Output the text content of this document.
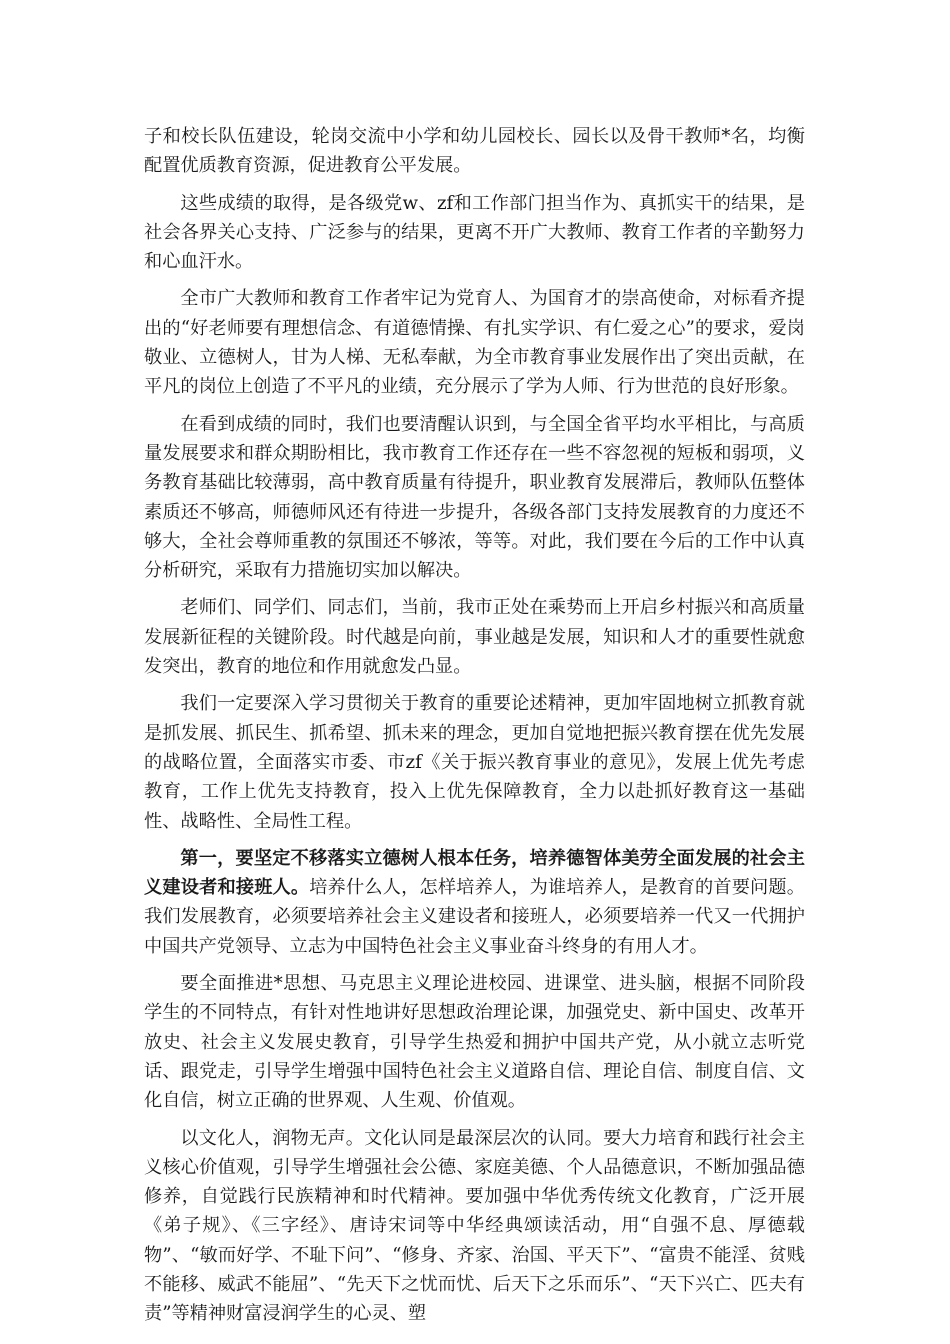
子和校长队伍建设，轮岗交流中小学和幼儿园校长、园长以及骨干教师*名，均衡配置优质教育资源，促进教育公平发展。

这些成绩的取得，是各级党w、zf和工作部门担当作为、真抓实干的结果，是社会各界关心支持、广泛参与的结果，更离不开广大教师、教育工作者的辛勤努力和心血汗水。

全市广大教师和教育工作者牢记为党育人、为国育才的崇高使命，对标看齐提出的“好老师要有理想信念、有道德情操、有扎实学识、有仁爱之心”的要求，爱岗敬业、立德树人，甘为人梯、无私奉献，为全市教育事业发展作出了突出贡献，在平凡的岗位上创造了不平凡的业绩，充分展示了学为人师、行为世范的良好形象。

在看到成绩的同时，我们也要清醒认识到，与全国全省平均水平相比，与高质量发展要求和群众期盼相比，我市教育工作还存在一些不容忽视的短板和弱项，义务教育基础比较薄弱，高中教育质量有待提升，职业教育发展滞后，教师队伍整体素质还不够高，师德师风还有待进一步提升，各级各部门支持发展教育的力度还不够大，全社会尊师重教的氛围还不够浓，等等。对此，我们要在今后的工作中认真分析研究，采取有力措施切实加以解决。

老师们、同学们、同志们，当前，我市正处在乘势而上开启乡村振兴和高质量发展新征程的关键阶段。时代越是向前，事业越是发展，知识和人才的重要性就愈发突出，教育的地位和作用就愈发凸显。

我们一定要深入学习贯彻关于教育的重要论述精神，更加牢固地树立抓教育就是抓发展、抓民生、抓希望、抓未来的理念，更加自觉地把振兴教育摆在优先发展的战略位置，全面落实市委、市zf《关于振兴教育事业的意见》，发展上优先考虑教育，工作上优先支持教育，投入上优先保障教育，全力以赴抓好教育这一基础性、战略性、全局性工程。

第一，要坚定不移落实立德树人根本任务，培养德智体美劳全面发展的社会主义建设者和接班人。培养什么人，怎样培养人，为谁培养人，是教育的首要问题。我们发展教育，必须要培养社会主义建设者和接班人，必须要培养一代又一代拥护中国共产党领导、立志为中国特色社会主义事业奋斗终身的有用人才。

要全面推进*思想、马克思主义理论进校园、进课堂、进头脑，根据不同阶段学生的不同特点，有针对性地讲好思想政治理论课，加强党史、新中国史、改革开放史、社会主义发展史教育，引导学生热爱和拥护中国共产党，从小就立志听党话、跟党走，引导学生增强中国特色社会主义道路自信、理论自信、制度自信、文化自信，树立正确的世界观、人生观、价值观。

以文化人，润物无声。文化认同是最深层次的认同。要大力培育和践行社会主义核心价值观，引导学生增强社会公德、家庭美德、个人品德意识，不断加强品德修养，自觉践行民族精神和时代精神。要加强中华优秀传统文化教育，广泛开展《弟子规》、《三字经》、唐诗宋词等中华经典颂读活动，用“自强不息、厚德载物”、“敏而好学、不耻下问”、“修身、齐家、治国、平天下”、“富贵不能淫、贫贱不能移、威武不能屈”、“先天下之忧而忧、后天下之乐而乐”、“天下兴亡、匹夫有责”等精神财富浸润学生的心灵、塑
